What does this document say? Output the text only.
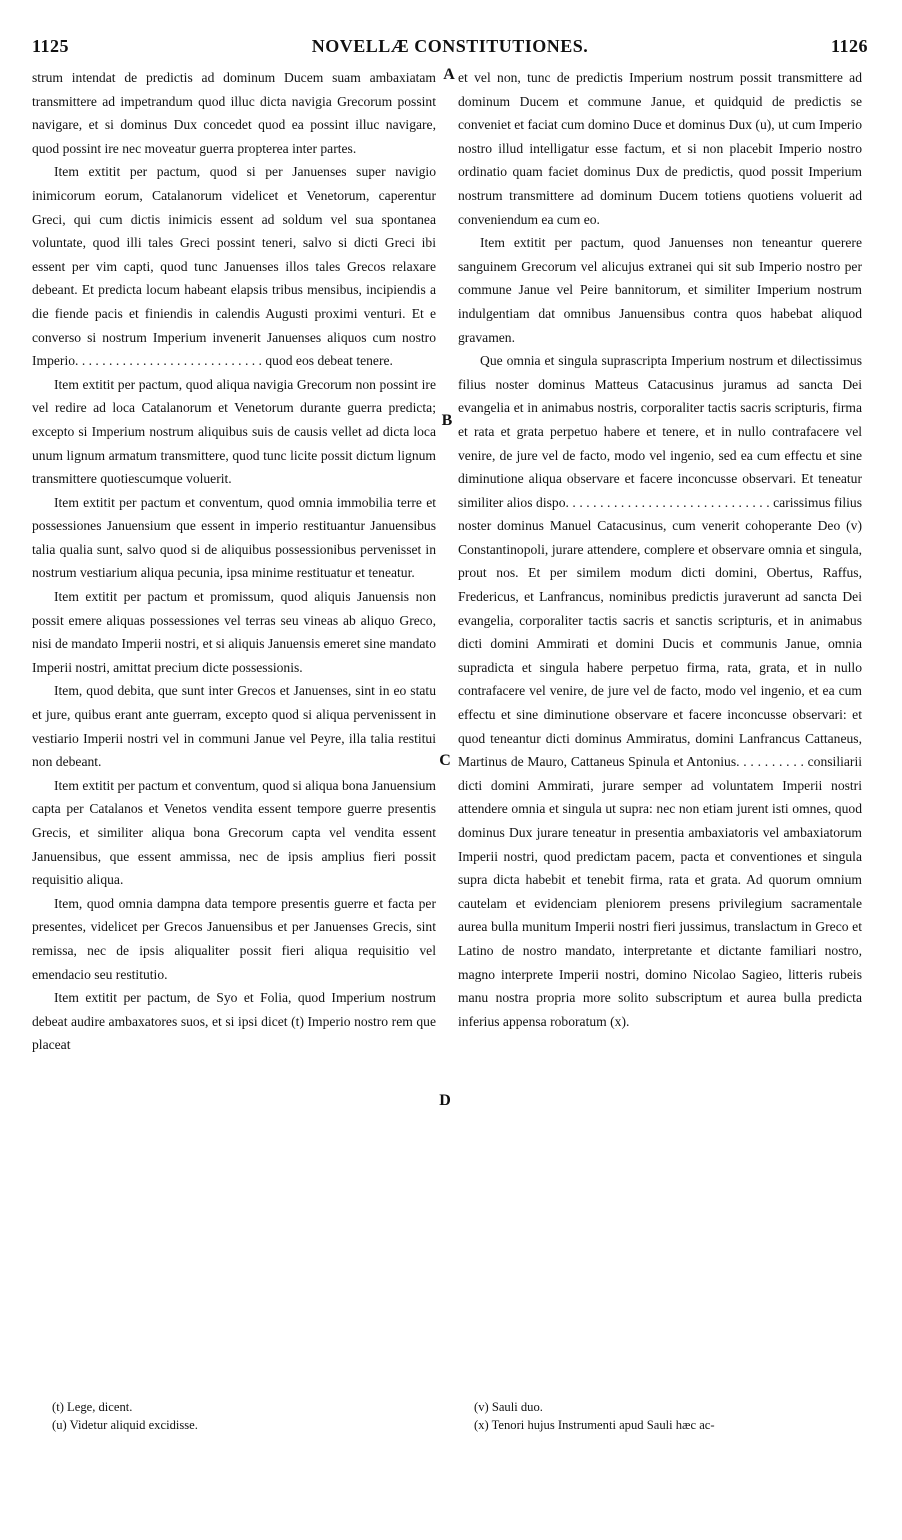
1125	NOVELLÆ CONSTITUTIONES.	1126

strum intendat de predictis ad dominum Ducem suam ambaxiatam transmittere ad impetrandum quod illuc dicta navigia Grecorum possint navigare, et si dominus Dux concedet quod ea possint illuc navigare, quod possint ire nec moveatur guerra propterea inter partes.

Item extitit per pactum, quod si per Januenses super navigio inimicorum eorum, Catalanorum videlicet et Venetorum, caperentur Greci, qui cum dictis inimicis essent ad soldum vel sua spontanea voluntate, quod illi tales Greci possint teneri, salvo si dicti Greci ibi essent per vim capti, quod tunc Januenses illos tales Grecos relaxare debeant. Et predicta locum habeant elapsis tribus mensibus, incipiendis a die fiende pacis et finiendis in calendis Augusti proximi venturi. Et e converso si nostrum Imperium invenerit Januenses aliquos cum nostro Imperio. . . . . . . . . . . . . . . . . . . . . . . . . . . . quod eos debeat tenere.

Item extitit per pactum, quod aliqua navigia Grecorum non possint ire vel redire ad loca Catalanorum et Venetorum durante guerra predicta; excepto si Imperium nostrum aliquibus suis de causis vellet ad dicta loca unum lignum armatum transmittere, quod tunc licite possit dictum lignum transmittere quotiescumque voluerit.

Item extitit per pactum et conventum, quod omnia immobilia terre et possessiones Januensium que essent in imperio restituantur Januensibus talia qualia sunt, salvo quod si de aliquibus possessionibus pervenisset in nostrum vestiarium aliqua pecunia, ipsa minime restituatur et teneatur.

Item extitit per pactum et promissum, quod aliquis Januensis non possit emere aliquas possessiones vel terras seu vineas ab aliquo Greco, nisi de mandato Imperii nostri, et si aliquis Januensis emeret sine mandato Imperii nostri, amittat precium dicte possessionis.

Item, quod debita, que sunt inter Grecos et Januenses, sint in eo statu et jure, quibus erant ante guerram, excepto quod si aliqua pervenissent in vestiario Imperii nostri vel in communi Janue vel Peyre, illa talia restitui non debeant.

Item extitit per pactum et conventum, quod si aliqua bona Januensium capta per Catalanos et Venetos vendita essent tempore guerre presentis Grecis, et similiter aliqua bona Grecorum capta vel vendita essent Januensibus, que essent ammissa, nec de ipsis amplius fieri possit requisitio aliqua.

Item, quod omnia dampna data tempore presentis guerre et facta per presentes, videlicet per Grecos Januensibus et per Januenses Grecis, sint remissa, nec de ipsis aliqualiter possit fieri aliqua requisitio vel emendacio seu restitutio.

Item extitit per pactum, de Syo et Folia, quod Imperium nostrum debeat audire ambaxatores suos, et si ipsi dicet (t) Imperio nostro rem que placeat

A
B
C
D

et vel non, tunc de predictis Imperium nostrum possit transmittere ad dominum Ducem et commune Janue, et quidquid de predictis se conveniet et faciat cum domino Duce et dominus Dux (u), ut cum Imperio nostro illud intelligatur esse factum, et si non placebit Imperio nostro ordinatio quam faciet dominus Dux de predictis, quod possit Imperium nostrum transmittere ad dominum Ducem totiens quotiens voluerit ad conveniendum ea cum eo.

Item extitit per pactum, quod Januenses non teneantur querere sanguinem Grecorum vel alicujus extranei qui sit sub Imperio nostro per commune Janue vel Peire bannitorum, et similiter Imperium nostrum indulgentiam dat omnibus Januensibus contra quos habebat aliquod gravamen.

Que omnia et singula suprascripta Imperium nostrum et dilectissimus filius noster dominus Matteus Catacusinus juramus ad sancta Dei evangelia et in animabus nostris, corporaliter tactis sacris scripturis, firma et rata et grata perpetuo habere et tenere, et in nullo contrafacere vel venire, de jure vel de facto, modo vel ingenio, sed ea cum effectu et sine diminutione aliqua observare et facere inconcusse observari. Et teneatur similiter alios dispo. . . . . . . . . . . . . . . . . . . . . . . . . . . . . . carissimus filius noster dominus Manuel Catacusinus, cum venerit cohoperante Deo (v) Constantinopoli, jurare attendere, complere et observare omnia et singula, prout nos. Et per similem modum dicti domini, Obertus, Raffus, Fredericus, et Lanfrancus, nominibus predictis juraverunt ad sancta Dei evangelia, corporaliter tactis sacris et sanctis scripturis, et in animabus dicti domini Ammirati et domini Ducis et communis Janue, omnia supradicta et singula habere perpetuo firma, rata, grata, et in nullo contrafacere vel venire, de jure vel de facto, modo vel ingenio, et ea cum effectu et sine diminutione observare et facere inconcusse observari: et quod teneantur dicti dominus Ammiratus, domini Lanfrancus Cattaneus, Martinus de Mauro, Cattaneus Spinula et Antonius. . . . . . . . . . consiliarii dicti domini Ammirati, jurare semper ad voluntatem Imperii nostri attendere omnia et singula ut supra: nec non etiam jurent isti omnes, quod dominus Dux jurare teneatur in presentia ambaxiatoris vel ambaxiatorum Imperii nostri, quod predictam pacem, pacta et conventiones et singula supra dicta habebit et tenebit firma, rata et grata. Ad quorum omnium cautelam et evidenciam pleniorem presens privilegium sacramentale aurea bulla munitum Imperii nostri fieri jussimus, translactum in Greco et Latino de nostro mandato, interpretante et dictante familiari nostro, magno interprete Imperii nostri, domino Nicolao Sagieo, litteris rubeis manu nostra propria more solito subscriptum et aurea bulla predicta inferius appensa roboratum (x).

(t) Lege, dicent.
(u) Videtur aliquid excidisse.
(v) Sauli duo.
(x) Tenori hujus Instrumenti apud Sauli hæc ac-
